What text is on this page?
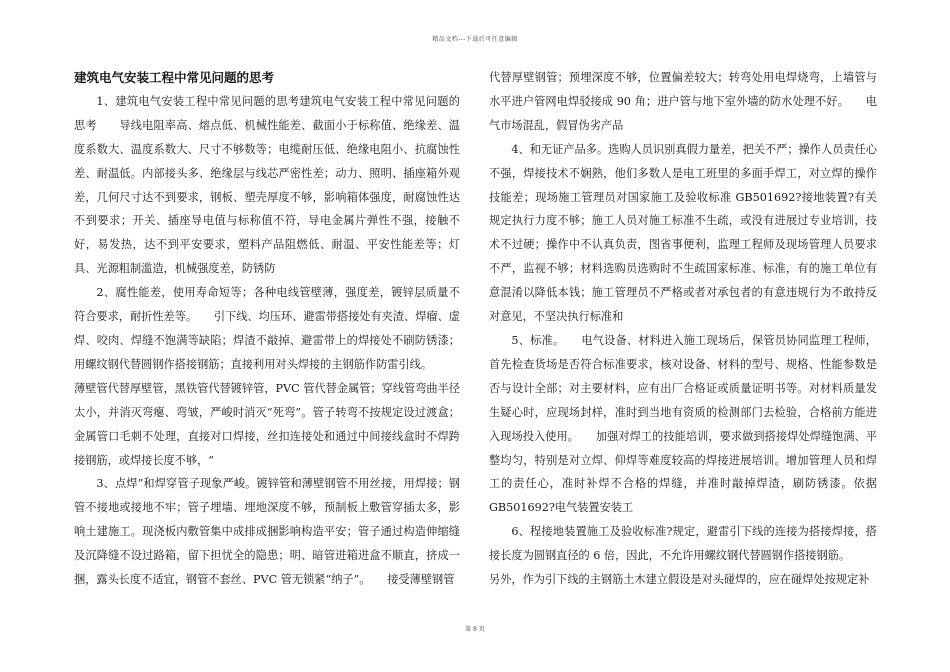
精品文档---下载后可任意编辑
建筑电气安装工程中常见问题的思考

1、建筑电气安装工程中常见问题的思考建筑电气安装工程中常见问题的思考　　导线电阻率高、熔点低、机械性能差、截面小于标称值、绝缘差、温度系数大、温度系数大、尺寸不够数等；电缆耐压低、绝缘电阻小、抗腐蚀性差、耐温低。内部接头多、绝缘层与线芯严密性差；动力、照明、插座箱外观差，几何尺寸达不到要求，钢板、塑壳厚度不够，影响箱体强度，耐腐蚀性达不到要求；开关、插座导电值与标称值不符，导电金属片弹性不强，接触不好，易发热，达不到平安要求，塑料产品阻燃低、耐温、平安性能差等；灯具、光源粗制滥造，机械强度差，防锈防

2、腐性能差，使用寿命短等；各种电线管壁薄，强度差，镀锌层质量不符合要求，耐折性差等。　　引下线、均压环、避雷带搭接处有夹渣、焊瘤、虚焊、咬肉、焊缝不饱满等缺陷；焊渣不敲掉、避雷带上的焊接处不刷防锈漆；用螺纹钢代替圆钢作搭接钢筋；直接利用对头焊接的主钢筋作防雷引线。

薄壁管代替厚壁管，黑铁管代替镀锌管，PVC 管代替金属管；穿线管弯曲半径太小，并消灭弯瘪、弯皱，严峻时消灭“死弯”。管子转弯不按规定设过渡盒；金属管口毛刺不处理，直接对口焊接，丝扣连接处和通过中间接线盒时不焊跨接钢筋，或焊接长度不够，“

3、点焊”和焊穿管子现象严峻。镀锌管和薄壁钢管不用丝接，用焊接；钢管不接地或接地不牢；管子埋墙、埋地深度不够，预制板上敷管穿插太多，影响土建施工。现浇板内敷管集中成排成捆影响构造平安；管子通过构造伸缩缝及沉降缝不设过路箱，留下担忧全的隐患；明、暗管进箱进盒不顺直，挤成一捆，露头长度不适宜，钢管不套丝、PVC 管无锁紧“纳子”。　　接受薄壁钢管

代替厚壁钢管；预埋深度不够，位置偏差较大；转弯处用电焊烧弯，上墙管与水平进户管网电焊驳接成 90 角；进户管与地下室外墙的防水处理不好。　　电气市场混乱，假冒伪劣产品

4、和无证产品多。选购人员识别真假力量差，把关不严；操作人员责任心不强，焊接技术不娴熟，他们多数人是电工班里的多面手焊工，对立焊的操作技能差；现场施工管理员对国家施工及验收标准 GB501692?接地装置?有关规定执行力度不够；施工人员对施工标准不生疏，或没有进展过专业培训，技术不过硬；操作中不认真负责，图省事便利，监理工程师及现场管理人员要求不严，监视不够；材料选购员选购时不生疏国家标准、标准，有的施工单位有意混淆以降低本钱；施工管理员不严格或者对承包者的有意违规行为不敢持反对意见，不坚决执行标准和

5、标准。　　电气设备、材料进入施工现场后，保管员协同监理工程师，首先检查货场是否符合标准要求，核对设备、材料的型号、规格、性能参数是否与设计全部；对主要材料，应有出厂合格证或质量证明书等。对材料质量发生疑心时，应现场封样，准时到当地有资质的检测部门去检验，合格前方能进入现场投入使用。　　加强对焊工的技能培训，要求做到搭接焊处焊缝饱满、平整均匀，特别是对立焊、仰焊等难度较高的焊接进展培训。增加管理人员和焊工的责任心，准时补焊不合格的焊缝，并准时敲掉焊渣，刷防锈漆。依据 GB501692?电气装置安装工

6、程接地装置施工及验收标准?规定，避雷引下线的连接为搭接焊接，搭接长度为圆钢直径的 6 倍，因此，不允许用螺纹钢代替圆钢作搭接钢筋。

另外，作为引下线的主钢筋土木建立假设是对头碰焊的，应在碰焊处按规定补

第 8 页
